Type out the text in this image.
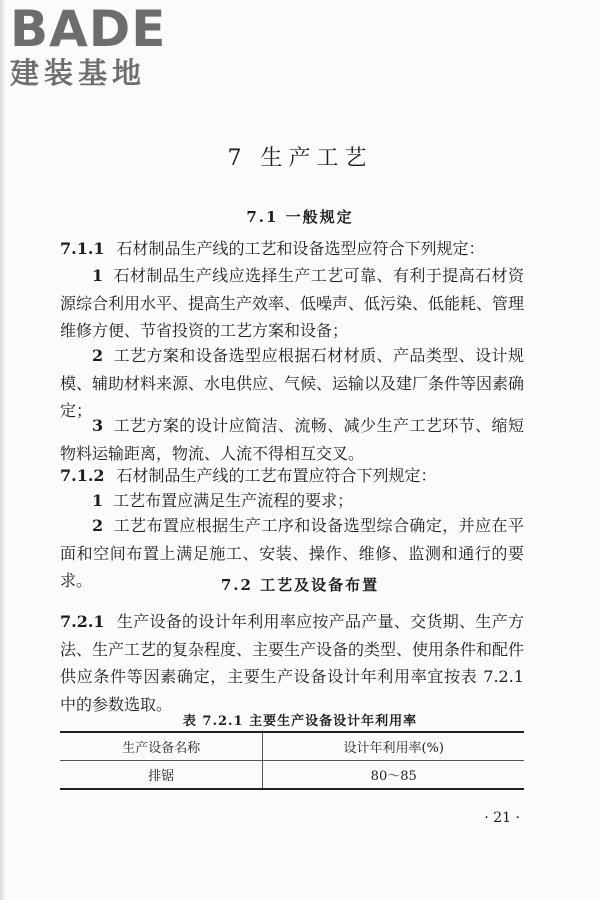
BADE
建装基地
7 生产工艺
7.1 一般规定

7.1.1 石材制品生产线的工艺和设备选型应符合下列规定：

1 石材制品生产线应选择生产工艺可靠、有利于提高石材资源综合利用水平、提高生产效率、低噪声、低污染、低能耗、管理维修方便、节省投资的工艺方案和设备；

2 工艺方案和设备选型应根据石材材质、产品类型、设计规模、辅助材料来源、水电供应、气候、运输以及建厂条件等因素确定；

3 工艺方案的设计应简洁、流畅、减少生产工艺环节、缩短物料运输距离，物流、人流不得相互交叉。

7.1.2 石材制品生产线的工艺布置应符合下列规定：

1 工艺布置应满足生产流程的要求；

2 工艺布置应根据生产工序和设备选型综合确定，并应在平面和空间布置上满足施工、安装、操作、维修、监测和通行的要求。	7.2 工艺及设备布置

7.2.1 生产设备的设计年利用率应按产品产量、交货期、生产方法、生产工艺的复杂程度、主要生产设备的类型、使用条件和配件供应条件等因素确定，主要生产设备设计年利用率宜按表 7.2.1 中的参数选取。

表 7.2.1 主要生产设备设计年利用率
生产设备名称	设计年利用率(%)
排锯	80～85
· 21 ·
